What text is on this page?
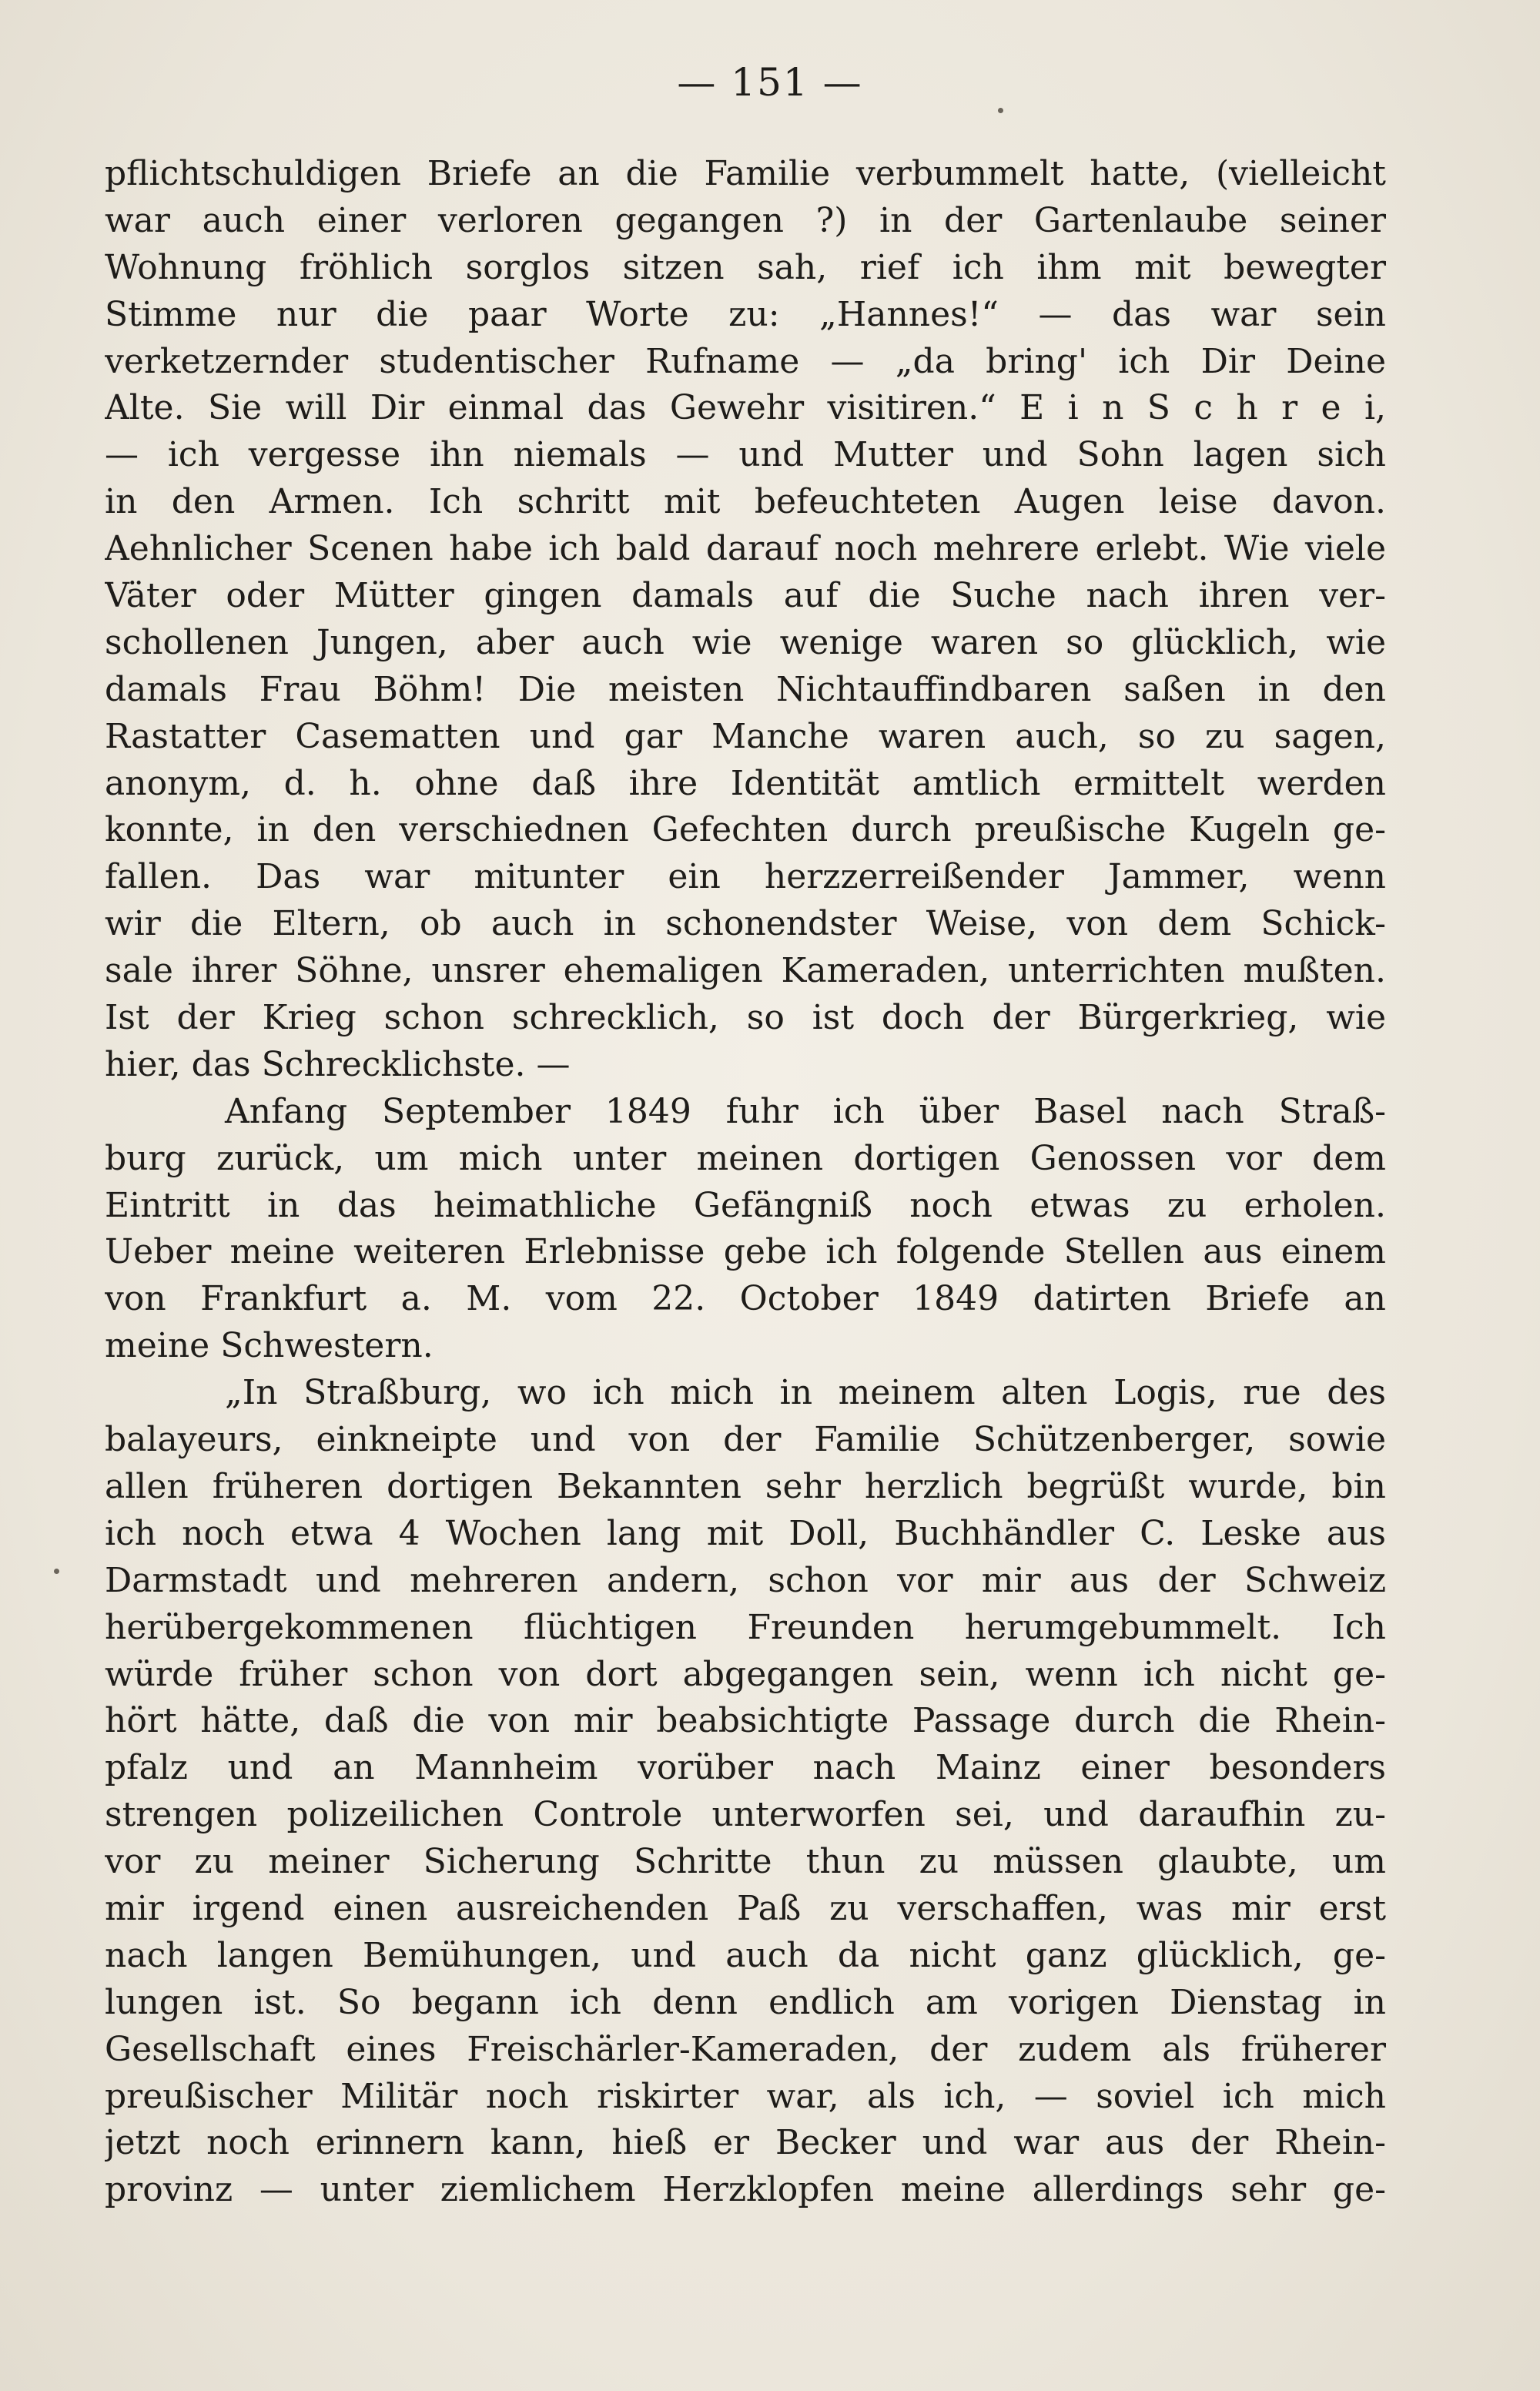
— 151 —
pflichtschuldigen Briefe an die Familie verbummelt hatte, (vielleicht
war auch einer verloren gegangen ?) in der Gartenlaube seiner
Wohnung fröhlich sorglos sitzen sah, rief ich ihm mit bewegter
Stimme nur die paar Worte zu: „Hannes!“ — das war sein
verketzernder studentischer Rufname — „da bring' ich Dir Deine
Alte. Sie will Dir einmal das Gewehr visitiren.“ E i n S c h r e i,
— ich vergesse ihn niemals — und Mutter und Sohn lagen sich
in den Armen. Ich schritt mit befeuchteten Augen leise davon.
Aehnlicher Scenen habe ich bald darauf noch mehrere erlebt. Wie viele
Väter oder Mütter gingen damals auf die Suche nach ihren ver-
schollenen Jungen, aber auch wie wenige waren so glücklich, wie
damals Frau Böhm! Die meisten Nichtauffindbaren saßen in den
Rastatter Casematten und gar Manche waren auch, so zu sagen,
anonym, d. h. ohne daß ihre Identität amtlich ermittelt werden
konnte, in den verschiednen Gefechten durch preußische Kugeln ge-
fallen. Das war mitunter ein herzzerreißender Jammer, wenn
wir die Eltern, ob auch in schonendster Weise, von dem Schick-
sale ihrer Söhne, unsrer ehemaligen Kameraden, unterrichten mußten.
Ist der Krieg schon schrecklich, so ist doch der Bürgerkrieg, wie
hier, das Schrecklichste. —
Anfang September 1849 fuhr ich über Basel nach Straß-
burg zurück, um mich unter meinen dortigen Genossen vor dem
Eintritt in das heimathliche Gefängniß noch etwas zu erholen.
Ueber meine weiteren Erlebnisse gebe ich folgende Stellen aus einem
von Frankfurt a. M. vom 22. October 1849 datirten Briefe an
meine Schwestern.
„In Straßburg, wo ich mich in meinem alten Logis, rue des
balayeurs, einkneipte und von der Familie Schützenberger, sowie
allen früheren dortigen Bekannten sehr herzlich begrüßt wurde, bin
ich noch etwa 4 Wochen lang mit Doll, Buchhändler C. Leske aus
Darmstadt und mehreren andern, schon vor mir aus der Schweiz
herübergekommenen flüchtigen Freunden herumgebummelt. Ich
würde früher schon von dort abgegangen sein, wenn ich nicht ge-
hört hätte, daß die von mir beabsichtigte Passage durch die Rhein-
pfalz und an Mannheim vorüber nach Mainz einer besonders
strengen polizeilichen Controle unterworfen sei, und daraufhin zu-
vor zu meiner Sicherung Schritte thun zu müssen glaubte, um
mir irgend einen ausreichenden Paß zu verschaffen, was mir erst
nach langen Bemühungen, und auch da nicht ganz glücklich, ge-
lungen ist. So begann ich denn endlich am vorigen Dienstag in
Gesellschaft eines Freischärler-Kameraden, der zudem als früherer
preußischer Militär noch riskirter war, als ich, — soviel ich mich
jetzt noch erinnern kann, hieß er Becker und war aus der Rhein-
provinz — unter ziemlichem Herzklopfen meine allerdings sehr ge-
